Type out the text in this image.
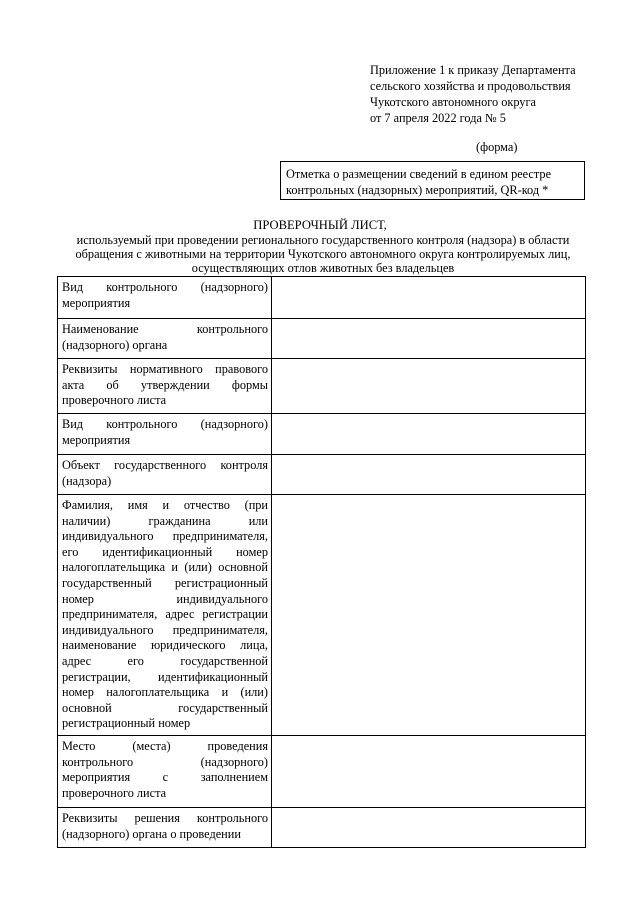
Приложение 1 к приказу Департамента
сельского хозяйства и продовольствия
Чукотского автономного округа
от 7 апреля 2022 года № 5
(форма)
Отметка о размещении сведений в едином реестре контрольных (надзорных) мероприятий, QR-код *
ПРОВЕРОЧНЫЙ ЛИСТ,
используемый при проведении регионального государственного контроля (надзора) в области обращения с животными на территории Чукотского автономного округа контролируемых лиц, осуществляющих отлов животных без владельцев
Вид контрольного (надзорного) мероприятия	
Наименование контрольного (надзорного) органа	
Реквизиты нормативного правового акта об утверждении формы проверочного листа	
Вид контрольного (надзорного) мероприятия	
Объект государственного контроля (надзора)	
Фамилия, имя и отчество (при наличии) гражданина или индивидуального предпринимателя, его идентификационный номер налогоплательщика и (или) основной государственный регистрационный номер индивидуального предпринимателя, адрес регистрации индивидуального предпринимателя, наименование юридического лица, адрес его государственной регистрации, идентификационный номер налогоплательщика и (или) основной государственный регистрационный номер	
Место (места) проведения контрольного (надзорного) мероприятия с заполнением проверочного листа	
Реквизиты решения контрольного (надзорного) органа о проведении	
